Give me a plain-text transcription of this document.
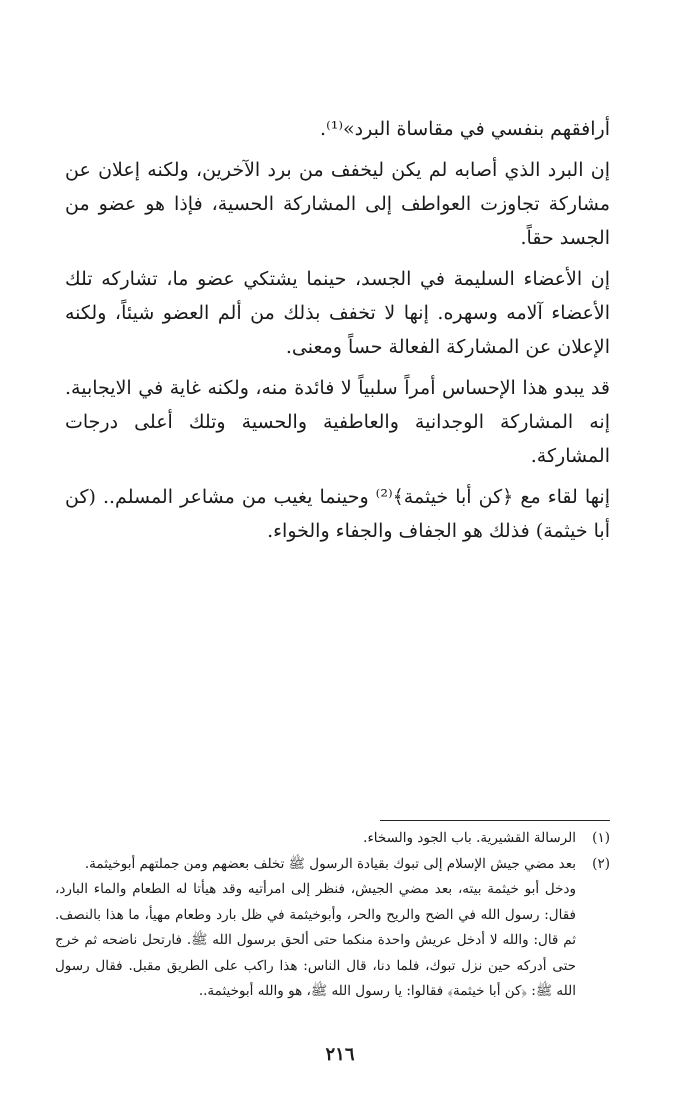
أرافقهم بنفسي في مقاساة البرد»⁽¹⁾.

إن البرد الذي أصابه لم يكن ليخفف من برد الآخرين، ولكنه إعلان عن مشاركة تجاوزت العواطف إلى المشاركة الحسية، فإذا هو عضو من الجسد حقاً.

إن الأعضاء السليمة في الجسد، حينما يشتكي عضو ما، تشاركه تلك الأعضاء آلامه وسهره. إنها لا تخفف بذلك من ألم العضو شيئاً، ولكنه الإعلان عن المشاركة الفعالة حساً ومعنى.

قد يبدو هذا الإحساس أمراً سلبياً لا فائدة منه، ولكنه غاية في الايجابية. إنه المشاركة الوجدانية والعاطفية والحسية وتلك أعلى درجات المشاركة.

إنها لقاء مع ﴿كن أبا خيثمة﴾⁽²⁾ وحينما يغيب من مشاعر المسلم.. (كن أبا خيثمة) فذلك هو الجفاف والجفاء والخواء.

(١)
الرسالة القشيرية. باب الجود والسخاء.
(٢)
بعد مضي جيش الإسلام إلى تبوك بقيادة الرسول ﷺ تخلف بعضهم ومن جملتهم أبوخيثمة.
ودخل أبو خيثمة بيته، بعد مضي الجيش، فنظر إلى امرأتيه وقد هيأتا له الطعام والماء البارد، فقال: رسول الله في الضح والريح والحر، وأبوخيثمة في ظل بارد وطعام مهيأ، ما هذا بالنصف. ثم قال: والله لا أدخل عريش واحدة منكما حتى ألحق برسول الله ﷺ. فارتحل ناضحه ثم خرج حتى أدركه حين نزل تبوك، فلما دنا، قال الناس: هذا راكب على الطريق مقبل. فقال رسول الله ﷺ: ﴿كن أبا خيثمة﴾ فقالوا: يا رسول الله ﷺ، هو والله أبوخيثمة..
٢١٦
